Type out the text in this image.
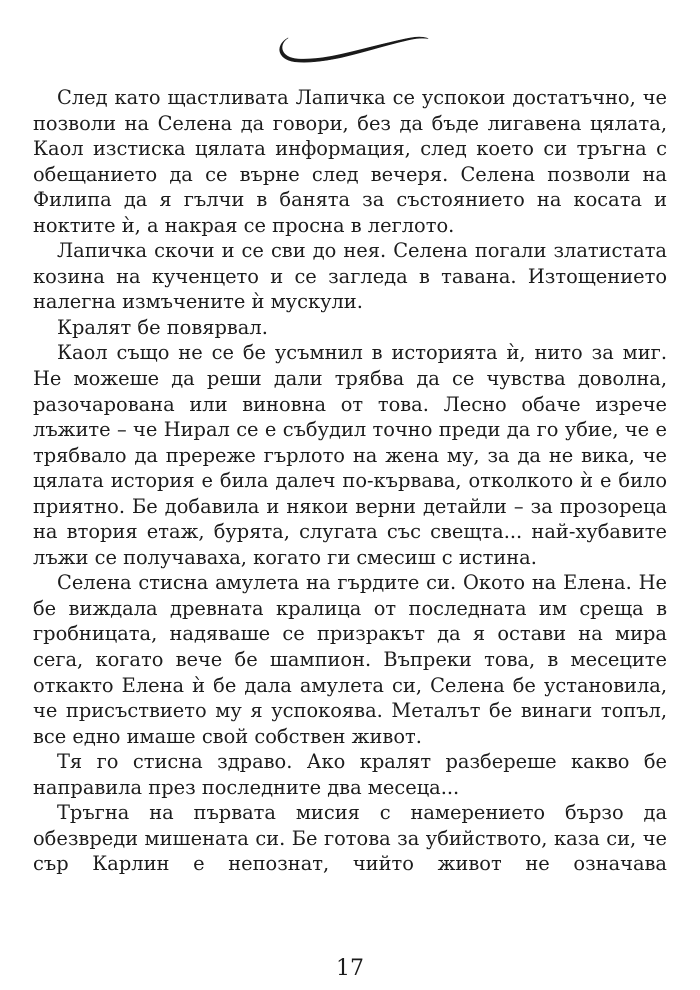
След като щастливата Лапичка се успокои достатъчно, че позволи на Селена да говори, без да бъде лигавена цялата, Каол изстиска цялата информация, след което си тръгна с обещанието да се върне след вечеря. Селена позволи на Филипа да я гълчи в банята за състоянието на косата и ноктите ѝ, а накрая се просна в леглото.

Лапичка скочи и се сви до нея. Селена погали златистата козина на кученцето и се загледа в тавана. Изтощението налегна измъчените ѝ мускули.

Кралят бе повярвал.

Каол също не се бе усъмнил в историята ѝ, нито за миг. Не можеше да реши дали трябва да се чувства доволна, разочарована или виновна от това. Лесно обаче изрече лъжите – че Нирал се е събудил точно преди да го убие, че е трябвало да прережe гърлото на жена му, за да не вика, че цялата история е била далеч по-кървава, отколкото ѝ е било приятно. Бе добавила и някои верни детайли – за прозореца на втория етаж, бурята, слугата със свещта... най-хубавите лъжи се получаваха, когато ги смесиш с истина.

Селена стисна амулета на гърдите си. Окото на Елена. Не бе виждала древната кралица от последната им среща в гробницата, надяваше се призракът да я остави на мира сега, когато вече бе шампион. Въпреки това, в месеците откакто Елена ѝ бе дала амулета си, Селена бе установила, че присъствието му я успокоява. Металът бе винаги топъл, все едно имаше свой собствен живот.

Тя го стисна здраво. Ако кралят разбереше какво бе направила през последните два месеца...

Тръгна на първата мисия с намерението бързо да обезвреди мишената си. Бе готова за убийството, каза си, че сър Карлин е непознат, чийто живот не означава

17
